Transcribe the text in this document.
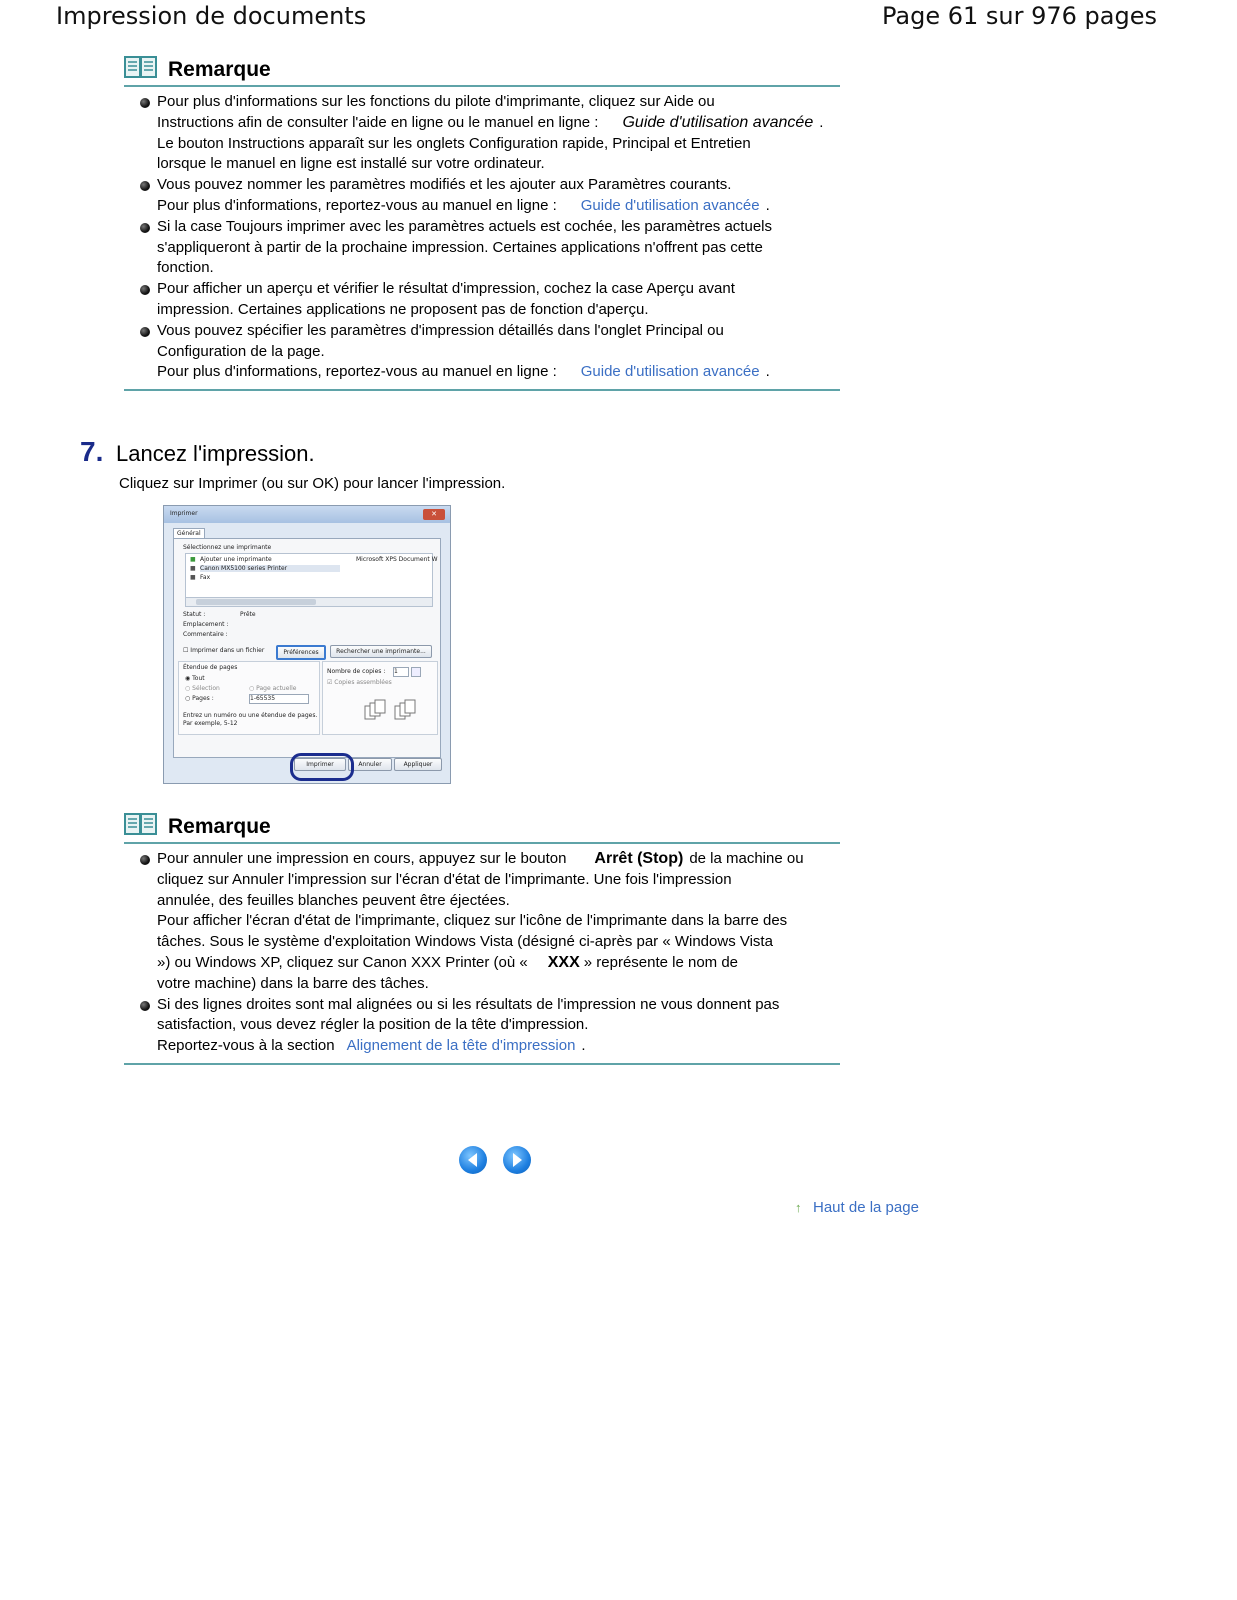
Impression de documents	Page 61 sur 976 pages
Remarque
Pour plus d'informations sur les fonctions du pilote d'imprimante, cliquez sur Aide ou
Instructions afin de consulter l'aide en ligne ou le manuel en ligne : Guide d'utilisation avancée .
Le bouton Instructions apparaît sur les onglets Configuration rapide, Principal et Entretien
lorsque le manuel en ligne est installé sur votre ordinateur.
Vous pouvez nommer les paramètres modifiés et les ajouter aux Paramètres courants.
Pour plus d'informations, reportez-vous au manuel en ligne : Guide d'utilisation avancée .
Si la case Toujours imprimer avec les paramètres actuels est cochée, les paramètres actuels
s'appliqueront à partir de la prochaine impression. Certaines applications n'offrent pas cette
fonction.
Pour afficher un aperçu et vérifier le résultat d'impression, cochez la case Aperçu avant
impression. Certaines applications ne proposent pas de fonction d'aperçu.
Vous pouvez spécifier les paramètres d'impression détaillés dans l'onglet Principal ou
Configuration de la page.
Pour plus d'informations, reportez-vous au manuel en ligne : Guide d'utilisation avancée .
7. Lancez l'impression.
Cliquez sur Imprimer (ou sur OK) pour lancer l'impression.
Imprimer	✕
Général
Sélectionnez une imprimante
Ajouter une imprimante
Canon MX5100 series Printer
Fax
Microsoft XPS Document W
■
■
■
Statut :	Prête
Emplacement :
Commentaire :
☐ Imprimer dans un fichier	Préférences	Rechercher une imprimante...
Étendue de pages
◉ Tout
○ Sélection	○ Page actuelle
○ Pages :	1-65535
Entrez un numéro ou une étendue de pages.
Par exemple, 5-12
Nombre de copies : 1
☑ Copies assemblées
Imprimer	Annuler	Appliquer
Remarque
Pour annuler une impression en cours, appuyez sur le bouton Arrêt (Stop) de la machine ou
cliquez sur Annuler l'impression sur l'écran d'état de l'imprimante. Une fois l'impression
annulée, des feuilles blanches peuvent être éjectées.
Pour afficher l'écran d'état de l'imprimante, cliquez sur l'icône de l'imprimante dans la barre des
tâches. Sous le système d'exploitation Windows Vista (désigné ci-après par « Windows Vista
») ou Windows XP, cliquez sur Canon XXX Printer (où « XXX » représente le nom de
votre machine) dans la barre des tâches.
Si des lignes droites sont mal alignées ou si les résultats de l'impression ne vous donnent pas
satisfaction, vous devez régler la position de la tête d'impression.
Reportez-vous à la section Alignement de la tête d'impression .
↑ Haut de la page
